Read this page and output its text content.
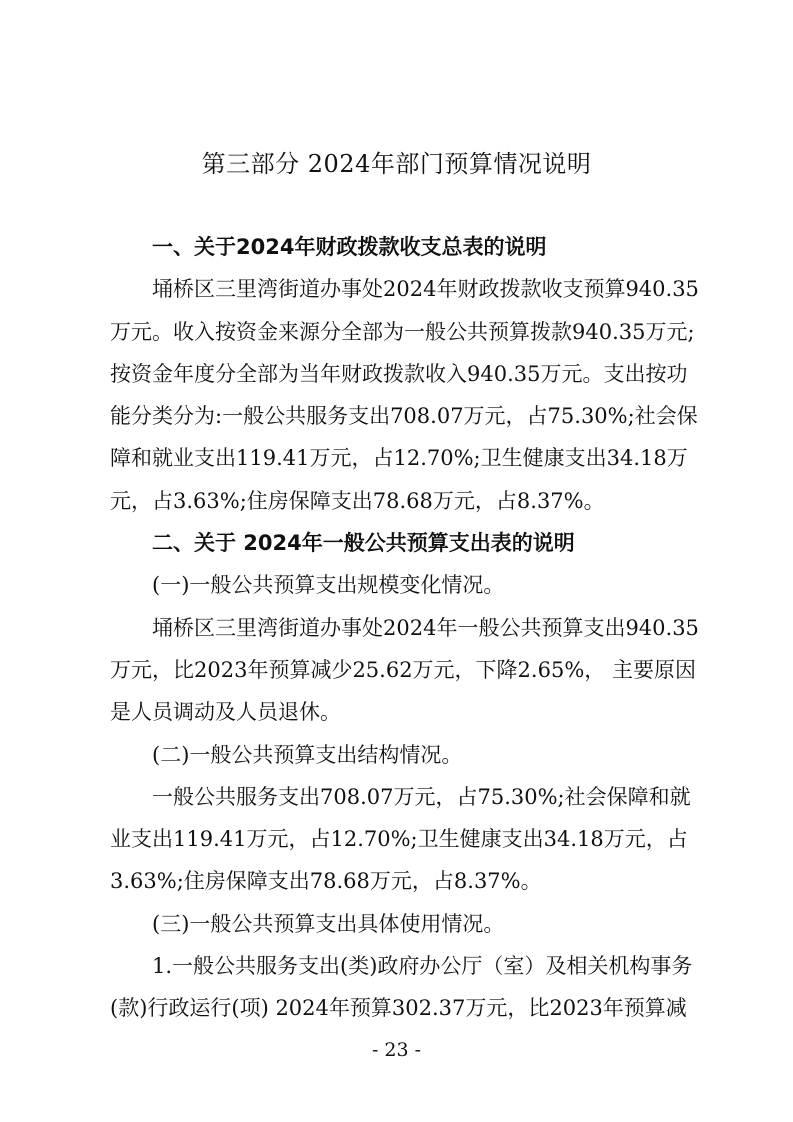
第三部分 2024年部门预算情况说明
一、关于2024年财政拨款收支总表的说明
埇桥区三里湾街道办事处2024年财政拨款收支预算940.35
万元。收入按资金来源分全部为一般公共预算拨款940.35万元;
按资金年度分全部为当年财政拨款收入940.35万元。支出按功
能分类分为:一般公共服务支出708.07万元，占75.30%;社会保
障和就业支出119.41万元，占12.70%;卫生健康支出34.18万
元，占3.63%;住房保障支出78.68万元，占8.37%。
二、关于 2024年一般公共预算支出表的说明
(一)一般公共预算支出规模变化情况。
埇桥区三里湾街道办事处2024年一般公共预算支出940.35
万元，比2023年预算减少25.62万元，下降2.65%， 主要原因
是人员调动及人员退休。
(二)一般公共预算支出结构情况。
一般公共服务支出708.07万元，占75.30%;社会保障和就
业支出119.41万元，占12.70%;卫生健康支出34.18万元，占
3.63%;住房保障支出78.68万元，占8.37%。
(三)一般公共预算支出具体使用情况。
1.一般公共服务支出(类)政府办公厅（室）及相关机构事务
(款)行政运行(项) 2024年预算302.37万元，比2023年预算减
- 23 -
